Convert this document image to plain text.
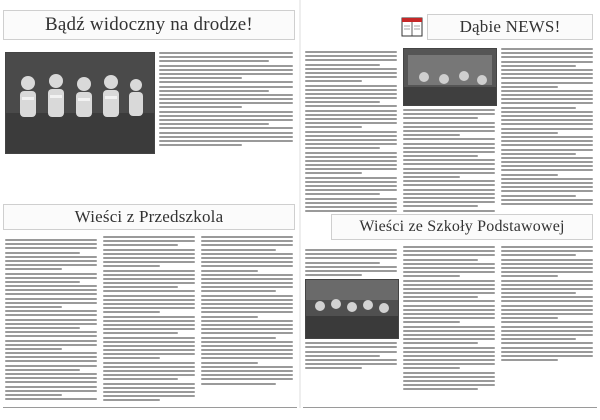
Bądź widoczny na drodze!
Wieści z Przedszkola
Dąbie NEWS!
Wieści ze Szkoły Podstawowej
